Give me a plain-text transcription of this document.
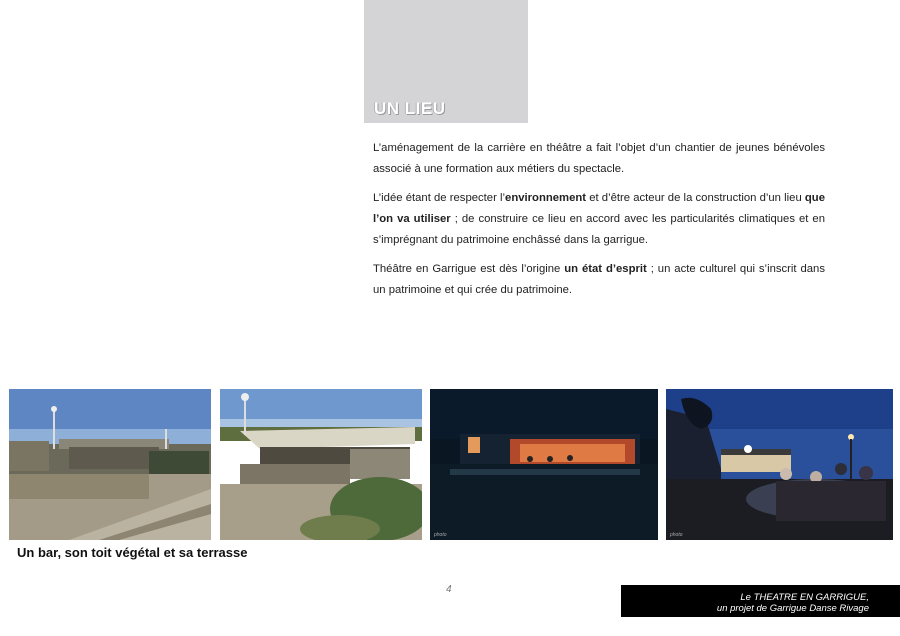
UN LIEU

L’aménagement de la carrière en théâtre a fait l’objet d’un chantier de jeunes bénévoles associé à une formation aux métiers du spectacle.

L’idée étant de respecter l’environnement et d’être acteur de la construction d’un lieu que l’on va utiliser ; de construire ce lieu en accord avec les particularités climatiques et en s’imprégnant du patrimoine enchâssé dans la garrigue.

Théâtre en Garrigue est dès l’origine un état d’esprit ; un acte culturel qui s’inscrit dans un patrimoine et qui crée du patrimoine.

photo	photo
Un bar, son toit végétal et sa terrasse
4
Le THEATRE EN GARRIGUE,
un projet de Garrigue Danse Rivage
